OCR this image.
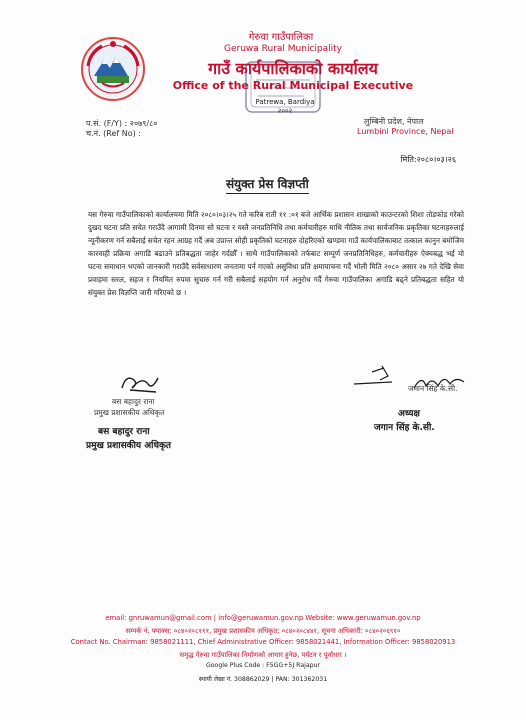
गेरुवा गाउँपालिका
Geruwa Rural Municipality
गाउँ कार्यपालिकाको कार्यालय
Office of the Rural Municipal Executive
Patrewa, Bardiya
२००२
प.सं. (F/Y) : २०७९/८०
च.नं. (Ref No) :
लुम्बिनी प्रदेश, नेपाल
Lumbini Province, Nepal
मिति:२०८०।०३।२६
संयुक्त प्रेस विज्ञप्ती
यस गेरुवा गाउँपालिकाको कार्यालयमा मिति २०८०।०३।२५ गते करिब राती ११ :०१ बजे आर्थिक प्रशासन शाखाको काउन्टरको शिशा तोडफोड गरेको दुखद घटना प्रति सचेत गराउँदै आगामी दिनमा सो घटना र यस्तै जनप्रतिनिधि तथा कर्मचारीहरु माथि नीतिक तथा सार्वजनिक प्रकृतिका घटनाहरुलाई न्यूनीकरण गर्न सबैलाई सचेत रहन आग्रह गर्दै अब उप्रान्त सोही प्रकृतिको घटनाहरु दोहरिएको खण्डमा गाउँ कार्यपालिकाबाट तत्काल कानुन बमोजिम कारवाही प्रक्रिया अगाडि बढाउने प्रतिबद्धता जाहेर गर्दछौँ । साथै गाउँपालिकाको तर्फबाट सम्पूर्ण जनप्रतिनिधिहरु, कर्मचारीहरु ऐक्यबद्ध भई यो घटना समाधान भएको जानकारी गराउँदै सर्वसाधारण जनतामा पर्न गएको असुविधा प्रति क्षमायाचना गर्दै भोली मिति २०८० असार २७ गते देखि सेवा प्रवाहमा सरल, सहज र नियमित रुपमा सुचारु गर्न गरी सबैलाई सहयोग गर्न अनुरोध गर्दै गेरुवा गाउँपालिका अगाडि बढ्ने प्रतिबद्धता सहित यो संयुक्त प्रेस विज्ञप्ति जारी गरिएको छ ।
बस बहादुर राना
प्रमुख प्रशासकीय अधिकृत
बस बहादुर राना
प्रमुख प्रशासकीय अधिकृत
जमान सिंह के.सी.
अध्यक्ष
जगान सिंह के.सी.
email: gnruwamun@gmail.com | info@geruwamun.gov.np Website: www.geruwamun.gov.np
सम्पर्क नं. फ्याक्स: ०८४०२०८१११, प्रमुख प्रशासकीय अधिकृत: ०८४०२०८४४१, सूचना अधिकारी: ०८४०२०६९१०
Contact No. Chairman: 9858021111, Chief Administrative Officer: 9858021441, Information Officer: 9858020913
समृद्ध गेरुवा गाउँपालिका निर्माणको आधार हुनेछ, पर्यटन र पूर्वाधार ।
Google Plus Code : F5GG+5J Rajapur
स्थायी लेखा नं. 308862029 | PAN: 301362031
